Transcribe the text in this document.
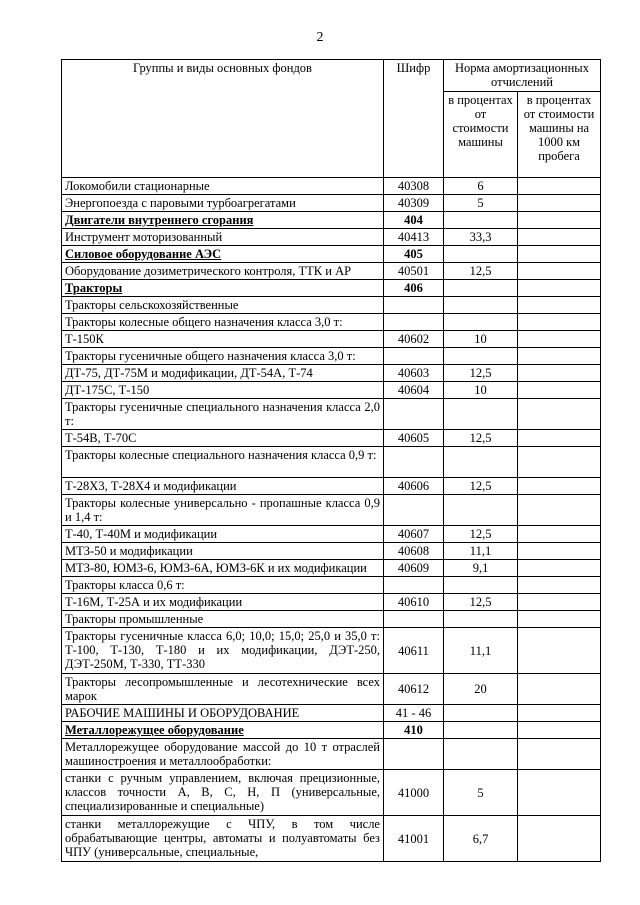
2
Группы и виды основных фондов	Шифр	Норма амортизационных отчислений	
		в процентах от стоимости машины	в процентах от стоимости машины на 1000 км пробега
Локомобили стационарные	40308	6	
Энергопоезда с паровыми турбоагрегатами	40309	5	
Двигатели внутреннего сгорания	404		
Инструмент моторизованный	40413	33,3	
Силовое оборудование АЭС	405		
Оборудование дозиметрического контроля, ТТК и АР	40501	12,5	
Тракторы	406		
Тракторы сельскохозяйственные			
Тракторы колесные общего назначения класса 3,0 т:			
Т-150К	40602	10	
Тракторы гусеничные общего назначения класса 3,0 т:			
ДТ-75, ДТ-75М и модификации, ДТ-54А, Т-74	40603	12,5	
ДТ-175С, Т-150	40604	10	
Тракторы гусеничные специального назначения класса 2,0 т:			
Т-54В, Т-70С	40605	12,5	
Тракторы колесные специального назначения класса 0,9 т:			
Т-28Х3, Т-28Х4 и модификации	40606	12,5	
Тракторы колесные универсально - пропашные класса 0,9 и 1,4 т:			
Т-40, Т-40М и модификации	40607	12,5	
МТЗ-50 и модификации	40608	11,1	
МТЗ-80, ЮМЗ-6, ЮМЗ-6А, ЮМЗ-6К и их модификации	40609	9,1	
Тракторы класса 0,6 т:			
Т-16М, Т-25А и их модификации	40610	12,5	
Тракторы промышленные			
Тракторы гусеничные класса 6,0; 10,0; 15,0; 25,0 и 35,0 т: Т-100, Т-130, Т-180 и их модификации, ДЭТ-250, ДЭТ-250М, Т-330, ТТ-330	40611	11,1	
Тракторы лесопромышленные и лесотехнические всех марок	40612	20	
РАБОЧИЕ МАШИНЫ И ОБОРУДОВАНИЕ	41 - 46		
Металлорежущее оборудование	410		
Металлорежущее оборудование массой до 10 т отраслей машиностроения и металлообработки:			
станки с ручным управлением, включая прецизионные, классов точности А, В, С, Н, П (универсальные, специализированные и специальные)	41000	5	
станки металлорежущие с ЧПУ, в том числе обрабатывающие центры, автоматы и полуавтоматы без ЧПУ (универсальные, специальные,	41001	6,7	
